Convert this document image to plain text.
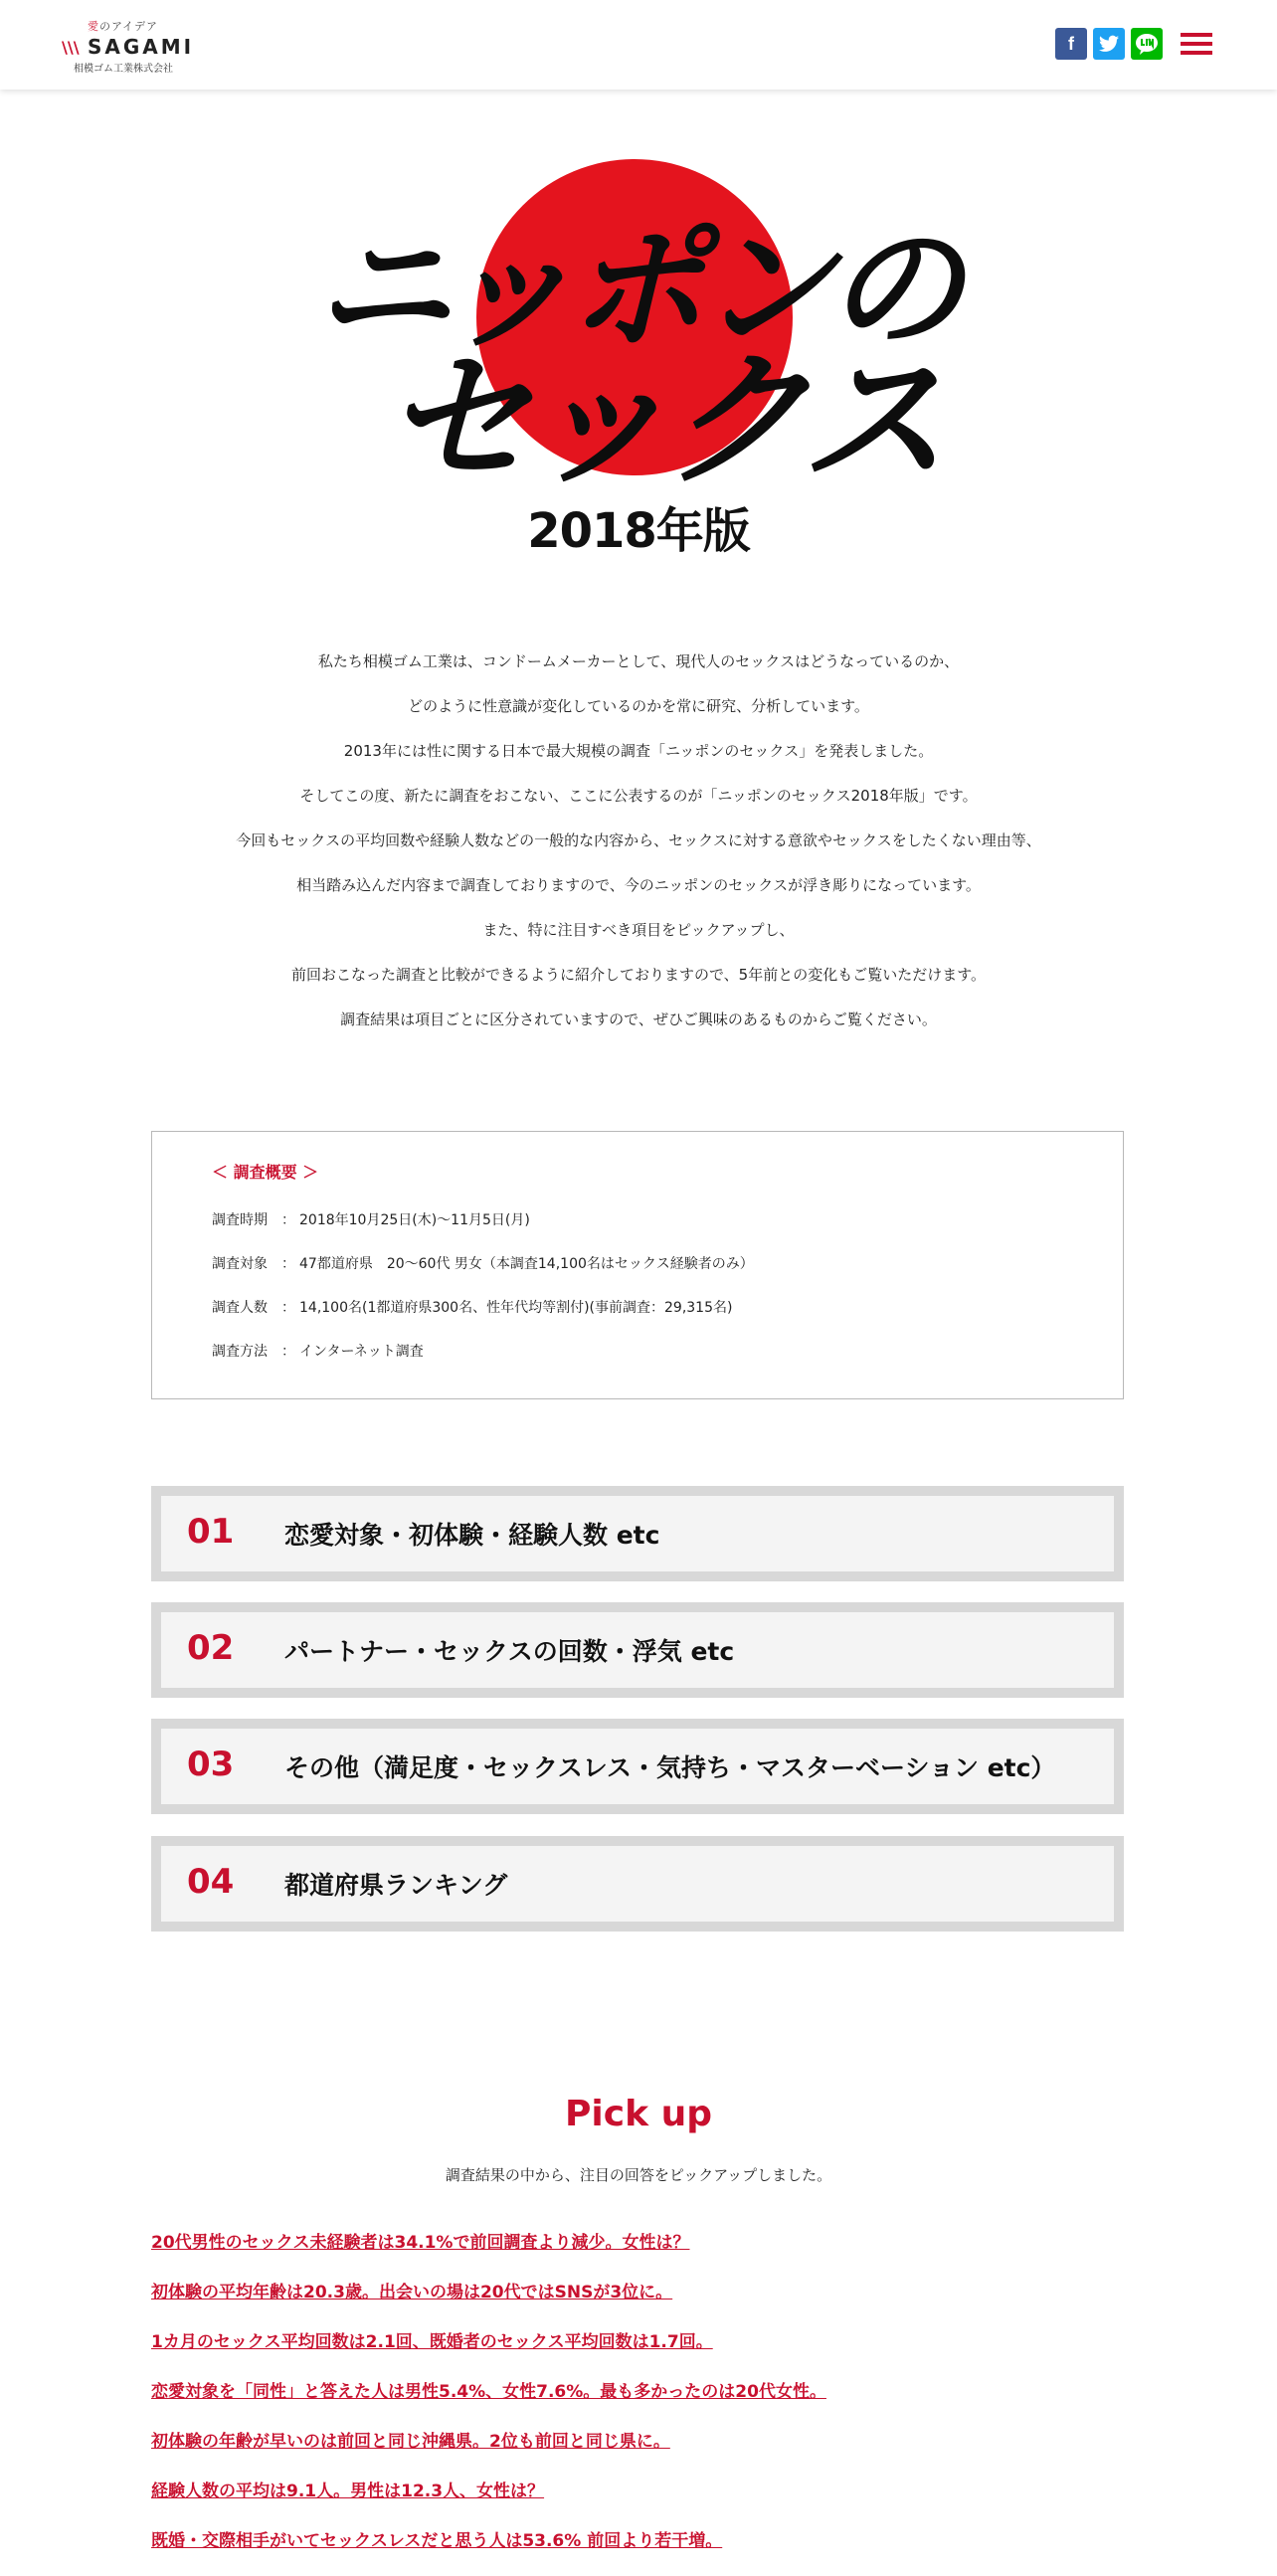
愛のアイデア
\\\ SAGAMI
相模ゴム工業株式会社
f
ニッポンの
セックス
2018年版

私たち相模ゴム工業は、コンドームメーカーとして、現代人のセックスはどうなっているのか、

どのように性意識が変化しているのかを常に研究、分析しています。

2013年には性に関する日本で最大規模の調査「ニッポンのセックス」を発表しました。

そしてこの度、新たに調査をおこない、ここに公表するのが「ニッポンのセックス2018年版」です。

今回もセックスの平均回数や経験人数などの一般的な内容から、セックスに対する意欲やセックスをしたくない理由等、

相当踏み込んだ内容まで調査しておりますので、今のニッポンのセックスが浮き彫りになっています。

また、特に注目すべき項目をピックアップし、

前回おこなった調査と比較ができるように紹介しておりますので、5年前との変化もご覧いただけます。

調査結果は項目ごとに区分されていますので、ぜひご興味のあるものからご覧ください。

＜ 調査概要 ＞
調査時期 ： 2018年10月25日(木)〜11月5日(月)
調査対象 ： 47都道府県　20〜60代 男女（本調査14,100名はセックス経験者のみ）
調査人数 ： 14,100名(1都道府県300名、性年代均等割付)(事前調査：29,315名)
調査方法 ： インターネット調査
01 恋愛対象・初体験・経験人数 etc
02 パートナー・セックスの回数・浮気 etc
03 その他（満足度・セックスレス・気持ち・マスターベーション etc）
04 都道府県ランキング
Pick up
調査結果の中から、注目の回答をピックアップしました。
20代男性のセックス未経験者は34.1%で前回調査より減少。女性は？
初体験の平均年齢は20.3歳。出会いの場は20代ではSNSが3位に。
1カ月のセックス平均回数は2.1回、既婚者のセックス平均回数は1.7回。
恋愛対象を「同性」と答えた人は男性5.4%、女性7.6%。最も多かったのは20代女性。
初体験の年齢が早いのは前回と同じ沖縄県。2位も前回と同じ県に。
経験人数の平均は9.1人。男性は12.3人、女性は？
既婚・交際相手がいてセックスレスだと思う人は53.6% 前回より若干増。
